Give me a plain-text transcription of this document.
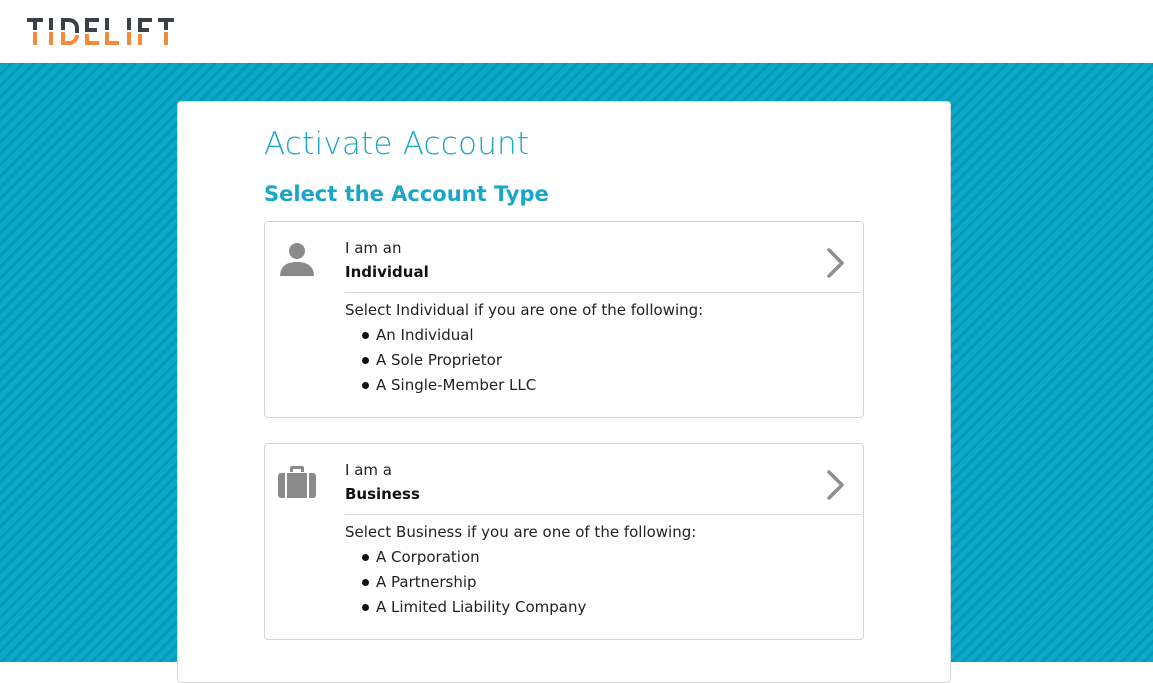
Activate Account
Select the Account Type
I am an
Individual
Select Individual if you are one of the following:
An Individual
A Sole Proprietor
A Single-Member LLC
I am a
Business
Select Business if you are one of the following:
A Corporation
A Partnership
A Limited Liability Company
